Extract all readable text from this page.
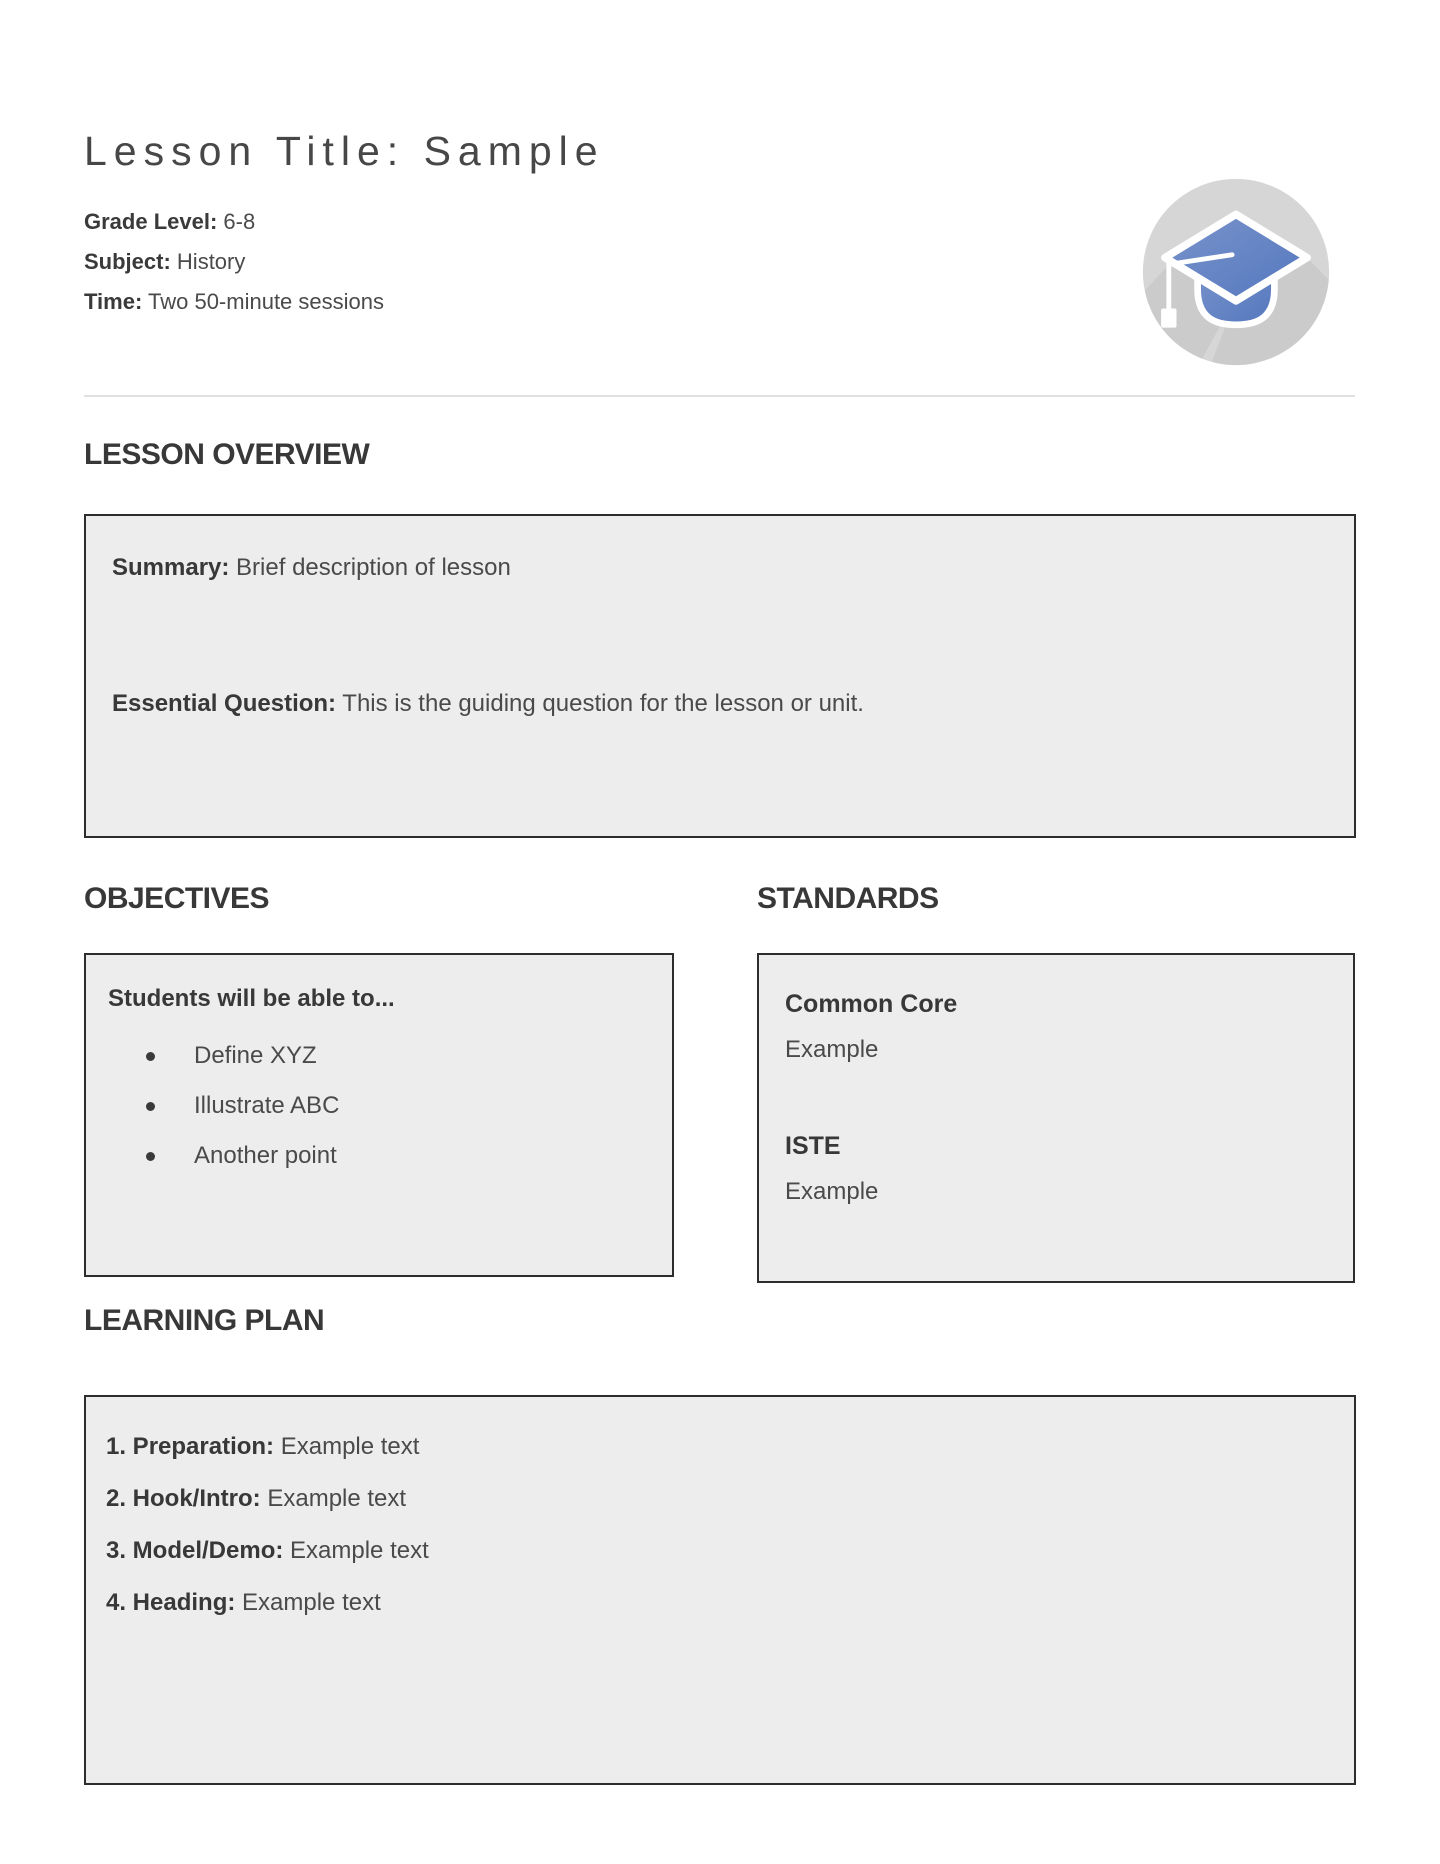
Lesson Title: Sample
Grade Level: 6-8
Subject: History
Time: Two 50-minute sessions
LESSON OVERVIEW
Summary: Brief description of lesson
Essential Question: This is the guiding question for the lesson or unit.
OBJECTIVES
Students will be able to...
Define XYZ
Illustrate ABC
Another point
STANDARDS
Common Core
Example
ISTE
Example
LEARNING PLAN
1. Preparation: Example text
2. Hook/Intro: Example text
3. Model/Demo: Example text
4. Heading: Example text
